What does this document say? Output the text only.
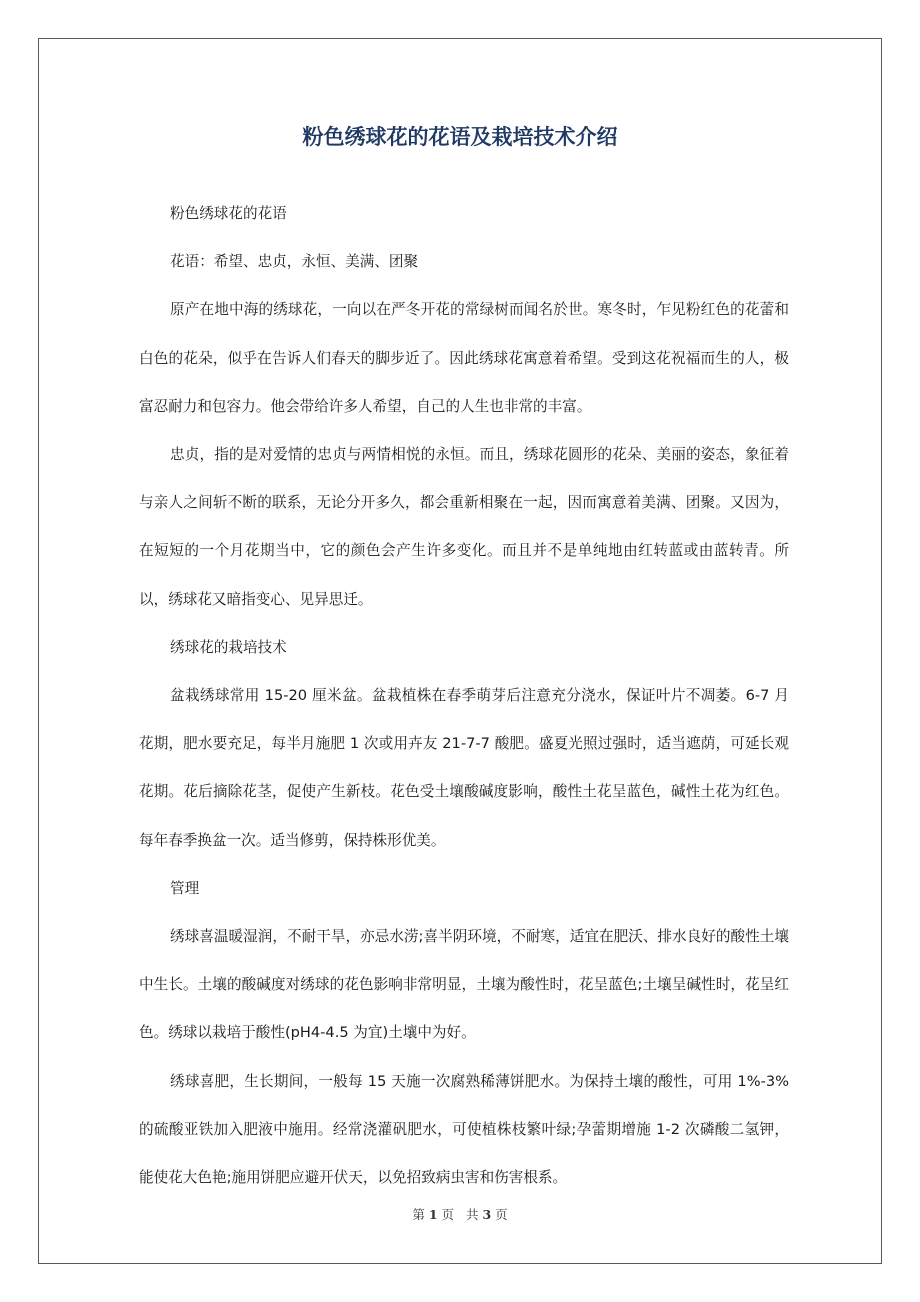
粉色绣球花的花语及栽培技术介绍

粉色绣球花的花语

花语：希望、忠贞，永恒、美满、团聚

原产在地中海的绣球花，一向以在严冬开花的常绿树而闻名於世。寒冬时，乍见粉红色的花蕾和白色的花朵，似乎在告诉人们春天的脚步近了。因此绣球花寓意着希望。受到这花祝福而生的人，极富忍耐力和包容力。他会带给许多人希望，自己的人生也非常的丰富。

忠贞，指的是对爱情的忠贞与两情相悦的永恒。而且，绣球花圆形的花朵、美丽的姿态，象征着与亲人之间斩不断的联系，无论分开多久，都会重新相聚在一起，因而寓意着美满、团聚。又因为，在短短的一个月花期当中，它的颜色会产生许多变化。而且并不是单纯地由红转蓝或由蓝转青。所以，绣球花又暗指变心、见异思迁。

绣球花的栽培技术

盆栽绣球常用 15-20 厘米盆。盆栽植株在春季萌芽后注意充分浇水，保证叶片不凋萎。6-7 月花期，肥水要充足，每半月施肥 1 次或用卉友 21-7-7 酸肥。盛夏光照过强时，适当遮荫，可延长观花期。花后摘除花茎，促使产生新枝。花色受土壤酸碱度影响，酸性土花呈蓝色，碱性土花为红色。每年春季换盆一次。适当修剪，保持株形优美。

管理

绣球喜温暖湿润，不耐干旱，亦忌水涝;喜半阴环境，不耐寒，适宜在肥沃、排水良好的酸性土壤中生长。土壤的酸碱度对绣球的花色影响非常明显，土壤为酸性时，花呈蓝色;土壤呈碱性时，花呈红色。绣球以栽培于酸性(pH4-4.5 为宜)土壤中为好。

绣球喜肥，生长期间，一般每 15 天施一次腐熟稀薄饼肥水。为保持土壤的酸性，可用 1%-3%的硫酸亚铁加入肥液中施用。经常浇灌矾肥水，可使植株枝繁叶绿;孕蕾期增施 1-2 次磷酸二氢钾，能使花大色艳;施用饼肥应避开伏天，以免招致病虫害和伤害根系。

第 1 页   共 3 页
